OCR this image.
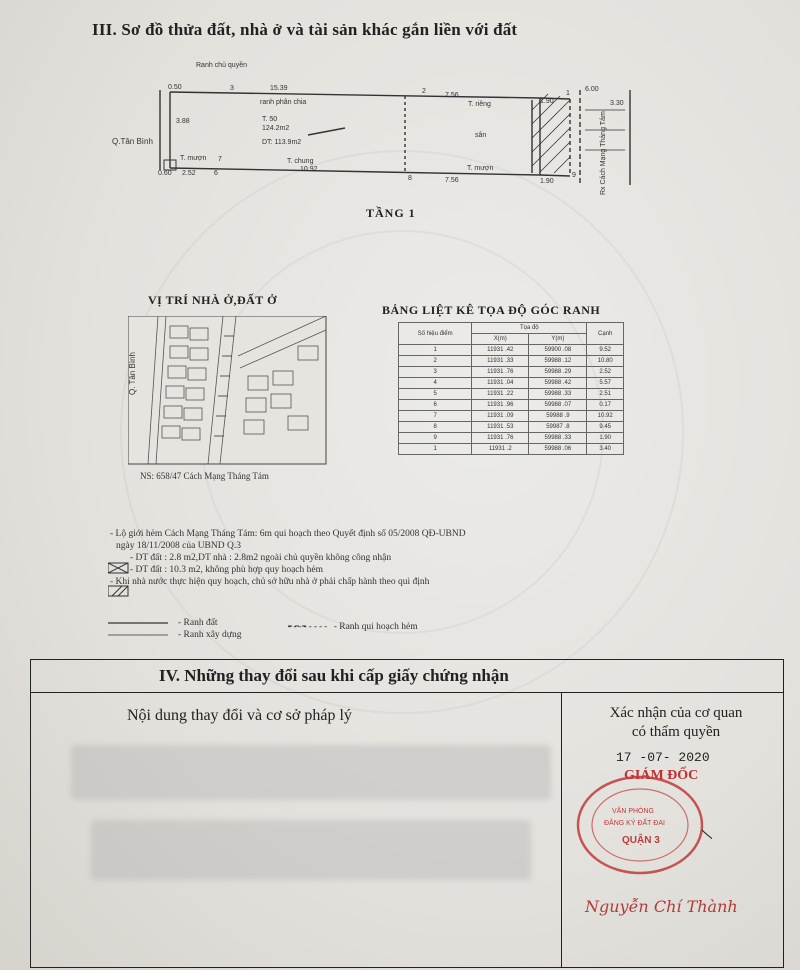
III. Sơ đồ thửa đất, nhà ở và tài sản khác gắn liền với đất
Ranh chủ quyền
ranh phân chia	T. riêng
sân
T. chung
T. mượn
T. mượn
T. 50
124.2m2
DT: 113.9m2
Q.Tân Bình	Rx Cách Mạng Tháng Tám
15.39
7.56
7.56
10.92
1.90
1.90
6.00
3.30
0.60 2.52
0.50
3.88
3	2	1
6
7
8	9
TẦNG 1
VỊ TRÍ NHÀ Ở,ĐẤT Ở
Q. Tân Bình
NS: 658/47 Cách Mạng Tháng Tám
BẢNG LIỆT KÊ TỌA ĐỘ GÓC RANH
Số hiệu điểm	Tọa độ		Cạnh
	X(m)	Y(m)	
1	11931 .42	59900 .08	9.52
2	11931 .33	59988 .12	10.80
3	11931 .76	59988 .29	2.52
4	11931 .04	59988 .42	5.57
5	11931 .22	59988 .33	2.51
6	11931 .96	59988 .07	0.17
7	11931 .09	59988 .9	10.92
8	11931 .53	59987 .8	9.45
9	11931 .76	59988 .33	1.90
1	11931 .2	59988 .06	3.40
- Lộ giới hẻm Cách Mạng Tháng Tám: 6m qui hoạch theo Quyết định số 05/2008 QĐ-UBND
ngày 18/11/2008 của UBND Q.3
- DT đất : 2.8 m2,DT nhà : 2.8m2 ngoài chủ quyền không công nhận
- DT đất : 10.3 m2, không phù hợp quy hoạch hẻm
- Khi nhà nước thực hiện quy hoạch, chủ sở hữu nhà ở phải chấp hành theo qui định
- Ranh đất
- Ranh xây dựng
-------- - Ranh qui hoạch hẻm
IV. Những thay đổi sau khi cấp giấy chứng nhận
Nội dung thay đổi và cơ sở pháp lý	Xác nhận của cơ quan
có thẩm quyền
17 -07- 2020
GIÁM ĐỐC
VĂN PHÒNG
ĐĂNG KÝ ĐẤT ĐAI
QUẬN 3
Nguyễn Chí Thành
